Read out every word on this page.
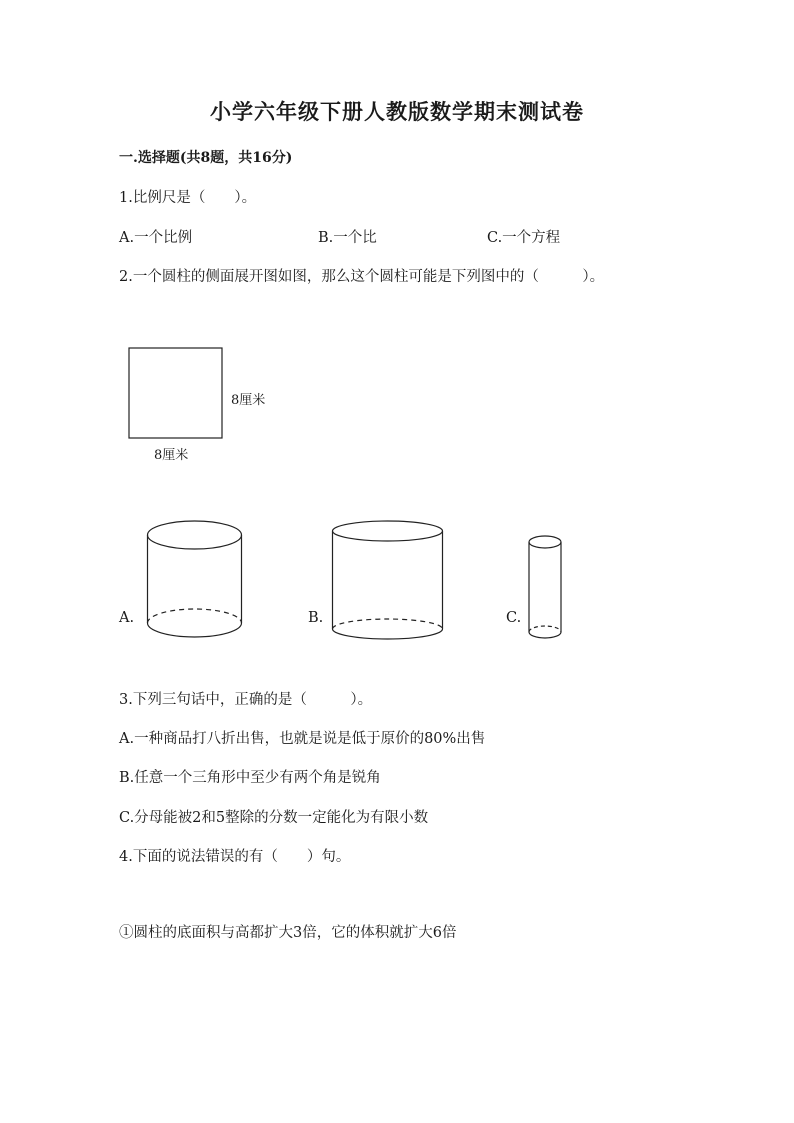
小学六年级下册人教版数学期末测试卷
一.选择题(共8题，共16分)
1.比例尺是（　　）。
A.一个比例	B.一个比	C.一个方程
2.一个圆柱的侧面展开图如图，那么这个圆柱可能是下列图中的（　　　）。
8厘米
8厘米
A.	B.	C.
3.下列三句话中，正确的是（　　　）。
A.一种商品打八折出售，也就是说是低于原价的80%出售
B.任意一个三角形中至少有两个角是锐角
C.分母能被2和5整除的分数一定能化为有限小数
4.下面的说法错误的有（　　）句。
①圆柱的底面积与高都扩大3倍，它的体积就扩大6倍
